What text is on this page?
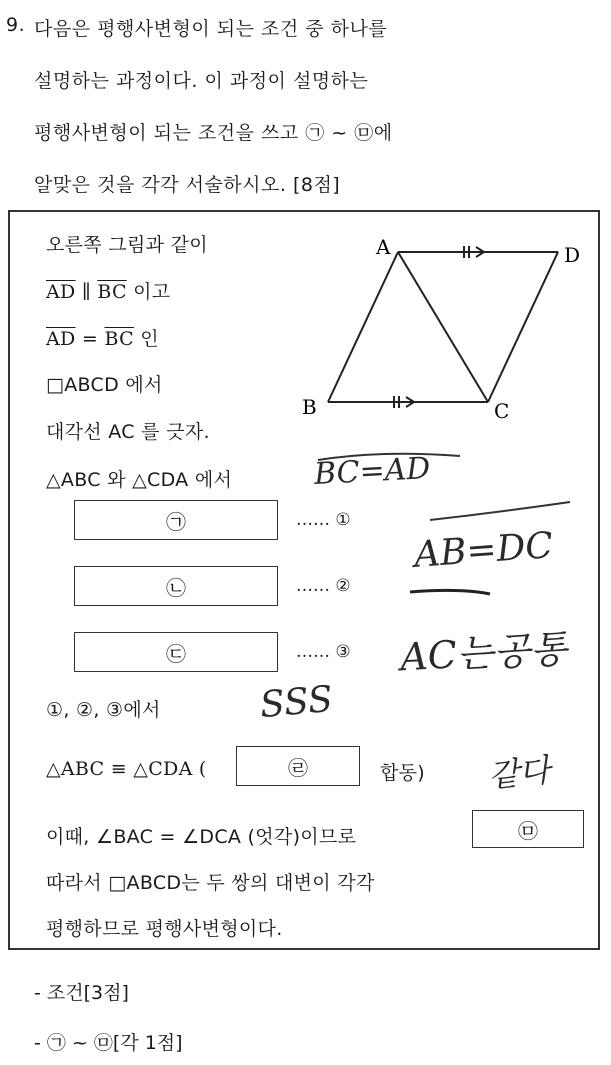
9. 다음은 평행사변형이 되는 조건 중 하나를
설명하는 과정이다. 이 과정이 설명하는
평행사변형이 되는 조건을 쓰고 ㉠ ~ ㉤에
알맞은 것을 각각 서술하시오. [8점]
A	D
B	C
오른쪽 그림과 같이
$\overline{AD}$ ∥ $\overline{BC}$ 이고
$\overline{AD} = \overline{BC}$ 인
□ABCD 에서
대각선 AC 를 긋자.
△ABC 와 △CDA 에서
㉠	…… ①
㉡	…… ②
㉢	…… ③
①, ②, ③에서
△ABC ≡ △CDA (	㉣	합동)
이때, ∠BAC = ∠DCA (엇각)이므로	㉤
따라서 □ABCD는 두 쌍의 대변이 각각
평행하므로 평행사변형이다.
BC=AD
AB=DC
AC는공통
SSS
같다
- 조건[3점]
- ㉠ ~ ㉤[각 1점]
